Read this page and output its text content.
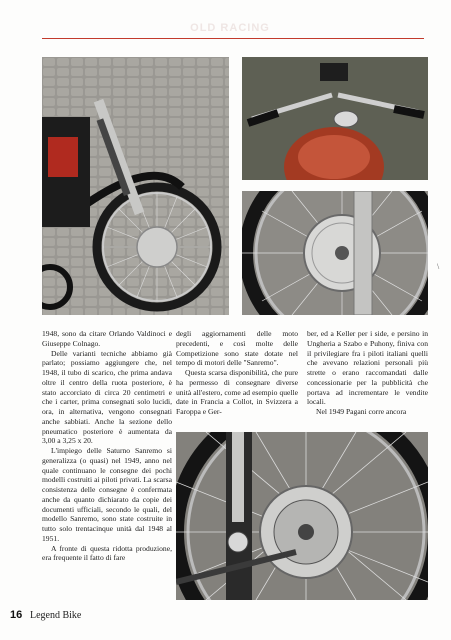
OLD RACING

1948, sono da citare Orlando Valdinoci e Giuseppe Colnago.

Delle varianti tecniche abbiamo già parlato; possiamo aggiungere che, nel 1948, il tubo di scarico, che prima andava oltre il centro della ruota posteriore, è stato accorciato di circa 20 centimetri e che i carter, prima consegnati solo lucidi, ora, in alternativa, vengono consegnati anche sabbiati. Anche la sezione dello pneumatico posteriore è aumentata da 3,00 a 3,25 x 20.

L'impiego delle Saturno Sanremo si generalizza (o quasi) nel 1949, anno nel quale continuano le consegne dei pochi modelli costruiti ai piloti privati. La scarsa consistenza delle consegne è confermata anche da quanto dichiarato da copie dei documenti ufficiali, secondo le quali, del modello Sanremo, sono state costruite in tutto solo trentacinque unità dal 1948 al 1951.

A fronte di questa ridotta produzione, era frequente il fatto di fare

degli aggiornamenti delle moto precedenti, e così molte delle Competizione sono state dotate nel tempo di motori delle "Sanremo".

Questa scarsa disponibilità, che pure ha permesso di consegnare diverse unità all'estero, come ad esempio quelle date in Francia a Collot, in Svizzera a Faroppa e Ger-

ber, ed a Keller per i side, e persino in Ungheria a Szabo e Puhony, finiva con il privilegiare fra i piloti italiani quelli che avevano relazioni personali più strette o erano raccomandati dalle concessionarie per la pubblicità che portava ad incrementare le vendite locali.

Nel 1949 Pagani corre ancora

\
16 Legend Bike
